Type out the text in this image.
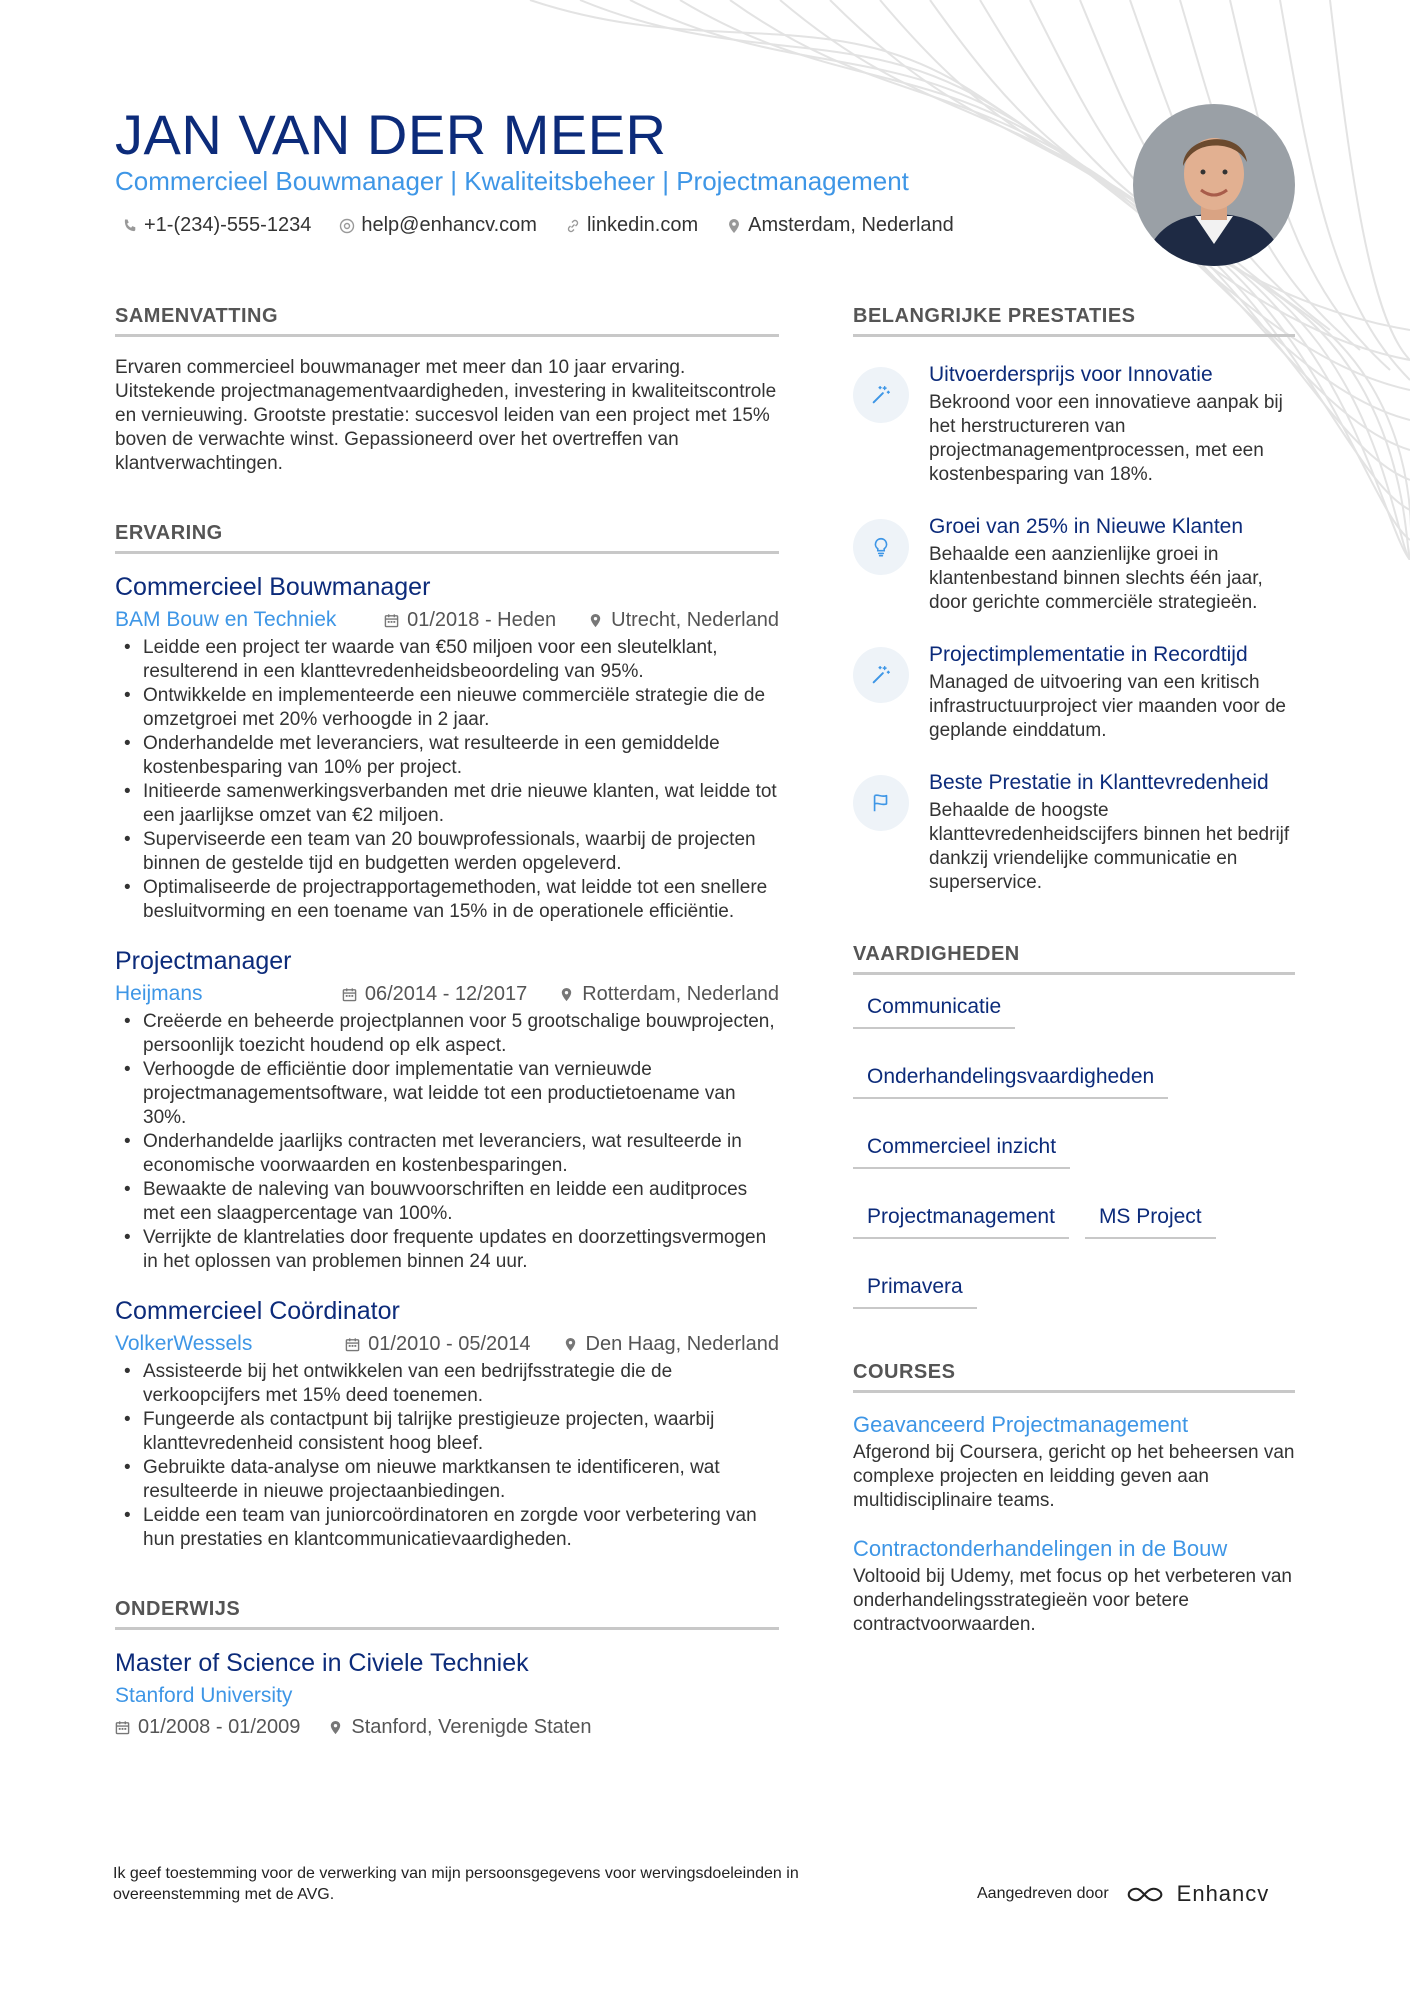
JAN VAN DER MEER
Commercieel Bouwmanager | Kwaliteitsbeheer | Projectmanagement
+1-(234)-555-1234	help@enhancv.com	linkedin.com	Amsterdam, Nederland
SAMENVATTING

Ervaren commercieel bouwmanager met meer dan 10 jaar ervaring. Uitstekende projectmanagementvaardigheden, investering in kwaliteitscontrole en vernieuwing. Grootste prestatie: succesvol leiden van een project met 15% boven de verwachte winst. Gepassioneerd over het overtreffen van klantverwachtingen.

ERVARING
Commercieel Bouwmanager
BAM Bouw en Techniek	01/2018 - Heden	Utrecht, Nederland
• Leidde een project ter waarde van €50 miljoen voor een sleutelklant, resulterend in een klanttevredenheidsbeoordeling van 95%.
• Ontwikkelde en implementeerde een nieuwe commerciële strategie die de omzetgroei met 20% verhoogde in 2 jaar.
• Onderhandelde met leveranciers, wat resulteerde in een gemiddelde kostenbesparing van 10% per project.
• Initieerde samenwerkingsverbanden met drie nieuwe klanten, wat leidde tot een jaarlijkse omzet van €2 miljoen.
• Superviseerde een team van 20 bouwprofessionals, waarbij de projecten binnen de gestelde tijd en budgetten werden opgeleverd.
• Optimaliseerde de projectrapportagemethoden, wat leidde tot een snellere besluitvorming en een toename van 15% in de operationele efficiëntie.
Projectmanager
Heijmans	06/2014 - 12/2017	Rotterdam, Nederland
• Creëerde en beheerde projectplannen voor 5 grootschalige bouwprojecten, persoonlijk toezicht houdend op elk aspect.
• Verhoogde de efficiëntie door implementatie van vernieuwde projectmanagementsoftware, wat leidde tot een productietoename van 30%.
• Onderhandelde jaarlijks contracten met leveranciers, wat resulteerde in economische voorwaarden en kostenbesparingen.
• Bewaakte de naleving van bouwvoorschriften en leidde een auditproces met een slaagpercentage van 100%.
• Verrijkte de klantrelaties door frequente updates en doorzettingsvermogen in het oplossen van problemen binnen 24 uur.
Commercieel Coördinator
VolkerWessels	01/2010 - 05/2014	Den Haag, Nederland
• Assisteerde bij het ontwikkelen van een bedrijfsstrategie die de verkoopcijfers met 15% deed toenemen.
• Fungeerde als contactpunt bij talrijke prestigieuze projecten, waarbij klanttevredenheid consistent hoog bleef.
• Gebruikte data-analyse om nieuwe marktkansen te identificeren, wat resulteerde in nieuwe projectaanbiedingen.
• Leidde een team van juniorcoördinatoren en zorgde voor verbetering van hun prestaties en klantcommunicatievaardigheden.
ONDERWIJS
Master of Science in Civiele Techniek
Stanford University
01/2008 - 01/2009	Stanford, Verenigde Staten
BELANGRIJKE PRESTATIES
Uitvoerdersprijs voor Innovatie
Bekroond voor een innovatieve aanpak bij het herstructureren van projectmanagementprocessen, met een kostenbesparing van 18%.
Groei van 25% in Nieuwe Klanten
Behaalde een aanzienlijke groei in klantenbestand binnen slechts één jaar, door gerichte commerciële strategieën.
Projectimplementatie in Recordtijd
Managed de uitvoering van een kritisch infrastructuurproject vier maanden voor de geplande einddatum.
Beste Prestatie in Klanttevredenheid
Behaalde de hoogste klanttevredenheidscijfers binnen het bedrijf dankzij vriendelijke communicatie en superservice.
VAARDIGHEDEN
Communicatie
Onderhandelingsvaardigheden
Commercieel inzicht
Projectmanagement	MS Project
Primavera
COURSES
Geavanceerd Projectmanagement
Afgerond bij Coursera, gericht op het beheersen van complexe projecten en leidding geven aan multidisciplinaire teams.
Contractonderhandelingen in de Bouw
Voltooid bij Udemy, met focus op het verbeteren van onderhandelingsstrategieën voor betere contractvoorwaarden.
Ik geef toestemming voor de verwerking van mijn persoonsgegevens voor wervingsdoeleinden in overeenstemming met de AVG.	Aangedreven door	Enhancv
